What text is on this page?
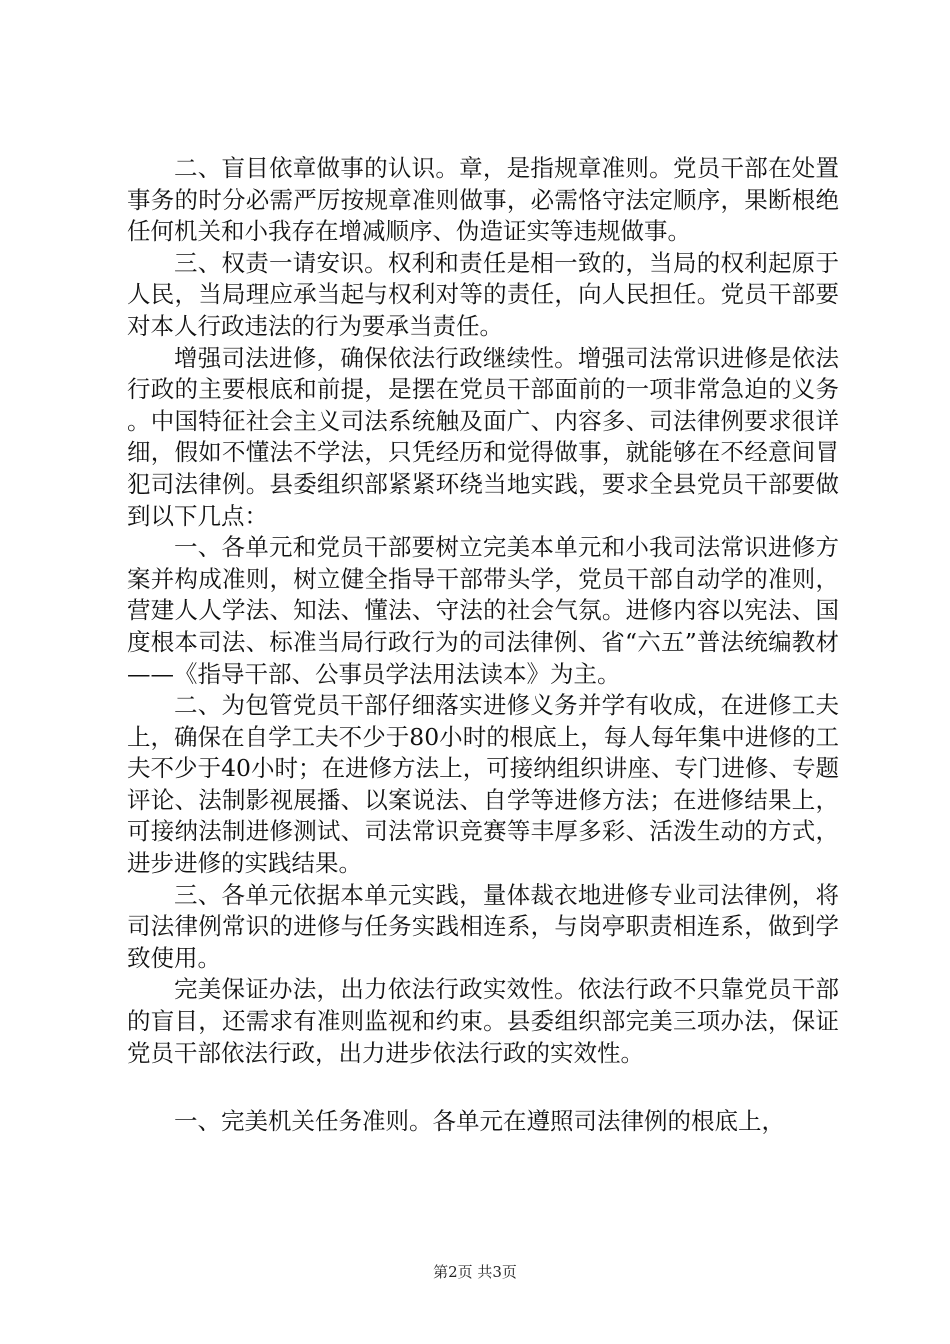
二、盲目依章做事的认识。章，是指规章准则。党员干部在处置事务的时分必需严厉按规章准则做事，必需恪守法定顺序，果断根绝任何机关和小我存在增减顺序、伪造证实等违规做事。

三、权责一请安识。权利和责任是相一致的，当局的权利起原于人民，当局理应承当起与权利对等的责任，向人民担任。党员干部要对本人行政违法的行为要承当责任。

增强司法进修，确保依法行政继续性。增强司法常识进修是依法行政的主要根底和前提，是摆在党员干部面前的一项非常急迫的义务。中国特征社会主义司法系统触及面广、内容多、司法律例要求很详细，假如不懂法不学法，只凭经历和觉得做事，就能够在不经意间冒犯司法律例。县委组织部紧紧环绕当地实践，要求全县党员干部要做到以下几点：

一、各单元和党员干部要树立完美本单元和小我司法常识进修方案并构成准则，树立健全指导干部带头学，党员干部自动学的准则，营建人人学法、知法、懂法、守法的社会气氛。进修内容以宪法、国度根本司法、标准当局行政行为的司法律例、省“六五”普法统编教材——《指导干部、公事员学法用法读本》为主。

二、为包管党员干部仔细落实进修义务并学有收成，在进修工夫上，确保在自学工夫不少于80小时的根底上，每人每年集中进修的工夫不少于40小时；在进修方法上，可接纳组织讲座、专门进修、专题评论、法制影视展播、以案说法、自学等进修方法；在进修结果上，可接纳法制进修测试、司法常识竞赛等丰厚多彩、活泼生动的方式，进步进修的实践结果。

三、各单元依据本单元实践，量体裁衣地进修专业司法律例，将司法律例常识的进修与任务实践相连系，与岗亭职责相连系，做到学致使用。

完美保证办法，出力依法行政实效性。依法行政不只靠党员干部的盲目，还需求有准则监视和约束。县委组织部完美三项办法，保证党员干部依法行政，出力进步依法行政的实效性。

一、完美机关任务准则。各单元在遵照司法律例的根底上，

第2页 共3页
